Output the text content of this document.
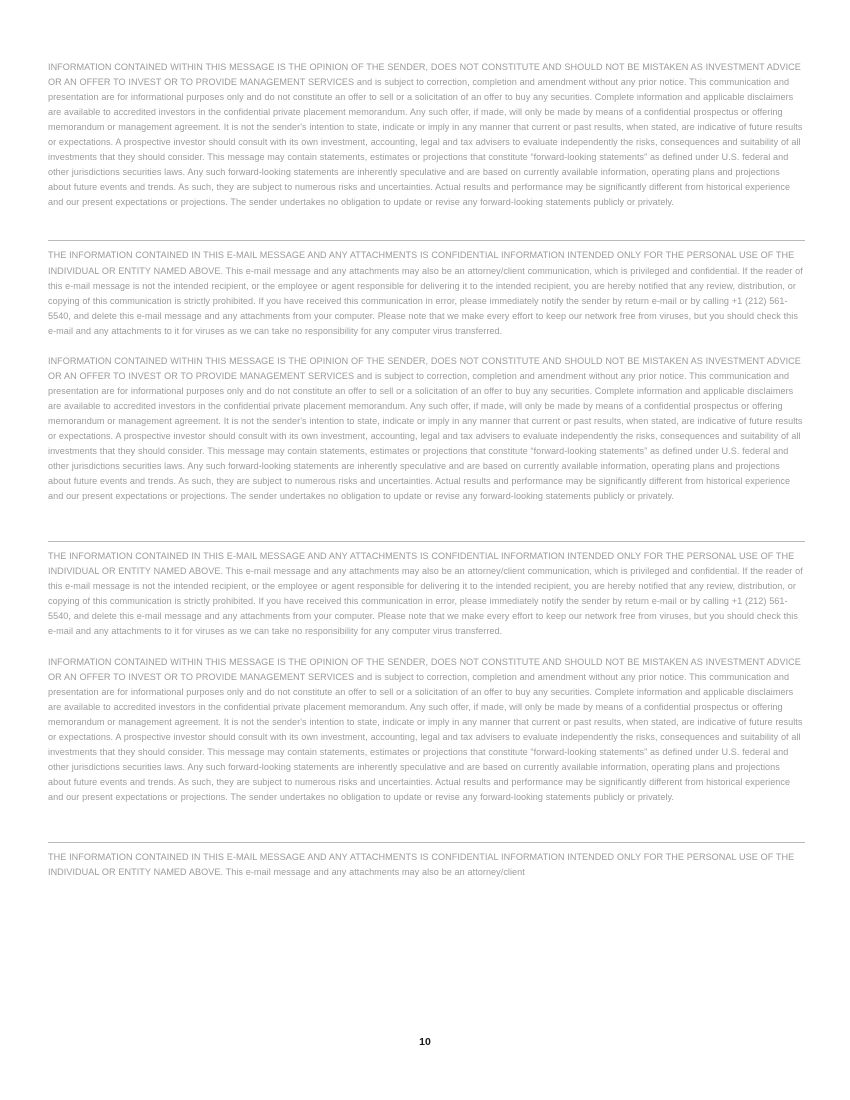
INFORMATION CONTAINED WITHIN THIS MESSAGE IS THE OPINION OF THE SENDER, DOES NOT CONSTITUTE AND SHOULD NOT BE MISTAKEN AS INVESTMENT ADVICE OR AN OFFER TO INVEST OR TO PROVIDE MANAGEMENT SERVICES and is subject to correction, completion and amendment without any prior notice. This communication and presentation are for informational purposes only and do not constitute an offer to sell or a solicitation of an offer to buy any securities. Complete information and applicable disclaimers are available to accredited investors in the confidential private placement memorandum. Any such offer, if made, will only be made by means of a confidential prospectus or offering memorandum or management agreement. It is not the sender's intention to state, indicate or imply in any manner that current or past results, when stated, are indicative of future results or expectations. A prospective investor should consult with its own investment, accounting, legal and tax advisers to evaluate independently the risks, consequences and suitability of all investments that they should consider. This message may contain statements, estimates or projections that constitute “forward-looking statements” as defined under U.S. federal and other jurisdictions securities laws. Any such forward-looking statements are inherently speculative and are based on currently available information, operating plans and projections about future events and trends. As such, they are subject to numerous risks and uncertainties. Actual results and performance may be significantly different from historical experience and our present expectations or projections. The sender undertakes no obligation to update or revise any forward-looking statements publicly or privately.

THE INFORMATION CONTAINED IN THIS E-MAIL MESSAGE AND ANY ATTACHMENTS IS CONFIDENTIAL INFORMATION INTENDED ONLY FOR THE PERSONAL USE OF THE INDIVIDUAL OR ENTITY NAMED ABOVE. This e-mail message and any attachments may also be an attorney/client communication, which is privileged and confidential. If the reader of this e-mail message is not the intended recipient, or the employee or agent responsible for delivering it to the intended recipient, you are hereby notified that any review, distribution, or copying of this communication is strictly prohibited. If you have received this communication in error, please immediately notify the sender by return e-mail or by calling +1 (212) 561-5540, and delete this e-mail message and any attachments from your computer. Please note that we make every effort to keep our network free from viruses, but you should check this e-mail and any attachments to it for viruses as we can take no responsibility for any computer virus transferred.

INFORMATION CONTAINED WITHIN THIS MESSAGE IS THE OPINION OF THE SENDER, DOES NOT CONSTITUTE AND SHOULD NOT BE MISTAKEN AS INVESTMENT ADVICE OR AN OFFER TO INVEST OR TO PROVIDE MANAGEMENT SERVICES and is subject to correction, completion and amendment without any prior notice. This communication and presentation are for informational purposes only and do not constitute an offer to sell or a solicitation of an offer to buy any securities. Complete information and applicable disclaimers are available to accredited investors in the confidential private placement memorandum. Any such offer, if made, will only be made by means of a confidential prospectus or offering memorandum or management agreement. It is not the sender's intention to state, indicate or imply in any manner that current or past results, when stated, are indicative of future results or expectations. A prospective investor should consult with its own investment, accounting, legal and tax advisers to evaluate independently the risks, consequences and suitability of all investments that they should consider. This message may contain statements, estimates or projections that constitute “forward-looking statements” as defined under U.S. federal and other jurisdictions securities laws. Any such forward-looking statements are inherently speculative and are based on currently available information, operating plans and projections about future events and trends. As such, they are subject to numerous risks and uncertainties. Actual results and performance may be significantly different from historical experience and our present expectations or projections. The sender undertakes no obligation to update or revise any forward-looking statements publicly or privately.

THE INFORMATION CONTAINED IN THIS E-MAIL MESSAGE AND ANY ATTACHMENTS IS CONFIDENTIAL INFORMATION INTENDED ONLY FOR THE PERSONAL USE OF THE INDIVIDUAL OR ENTITY NAMED ABOVE. This e-mail message and any attachments may also be an attorney/client communication, which is privileged and confidential. If the reader of this e-mail message is not the intended recipient, or the employee or agent responsible for delivering it to the intended recipient, you are hereby notified that any review, distribution, or copying of this communication is strictly prohibited. If you have received this communication in error, please immediately notify the sender by return e-mail or by calling +1 (212) 561-5540, and delete this e-mail message and any attachments from your computer. Please note that we make every effort to keep our network free from viruses, but you should check this e-mail and any attachments to it for viruses as we can take no responsibility for any computer virus transferred.

INFORMATION CONTAINED WITHIN THIS MESSAGE IS THE OPINION OF THE SENDER, DOES NOT CONSTITUTE AND SHOULD NOT BE MISTAKEN AS INVESTMENT ADVICE OR AN OFFER TO INVEST OR TO PROVIDE MANAGEMENT SERVICES and is subject to correction, completion and amendment without any prior notice. This communication and presentation are for informational purposes only and do not constitute an offer to sell or a solicitation of an offer to buy any securities. Complete information and applicable disclaimers are available to accredited investors in the confidential private placement memorandum. Any such offer, if made, will only be made by means of a confidential prospectus or offering memorandum or management agreement. It is not the sender's intention to state, indicate or imply in any manner that current or past results, when stated, are indicative of future results or expectations. A prospective investor should consult with its own investment, accounting, legal and tax advisers to evaluate independently the risks, consequences and suitability of all investments that they should consider. This message may contain statements, estimates or projections that constitute “forward-looking statements” as defined under U.S. federal and other jurisdictions securities laws. Any such forward-looking statements are inherently speculative and are based on currently available information, operating plans and projections about future events and trends. As such, they are subject to numerous risks and uncertainties. Actual results and performance may be significantly different from historical experience and our present expectations or projections. The sender undertakes no obligation to update or revise any forward-looking statements publicly or privately.

THE INFORMATION CONTAINED IN THIS E-MAIL MESSAGE AND ANY ATTACHMENTS IS CONFIDENTIAL INFORMATION INTENDED ONLY FOR THE PERSONAL USE OF THE INDIVIDUAL OR ENTITY NAMED ABOVE. This e-mail message and any attachments may also be an attorney/client

10
